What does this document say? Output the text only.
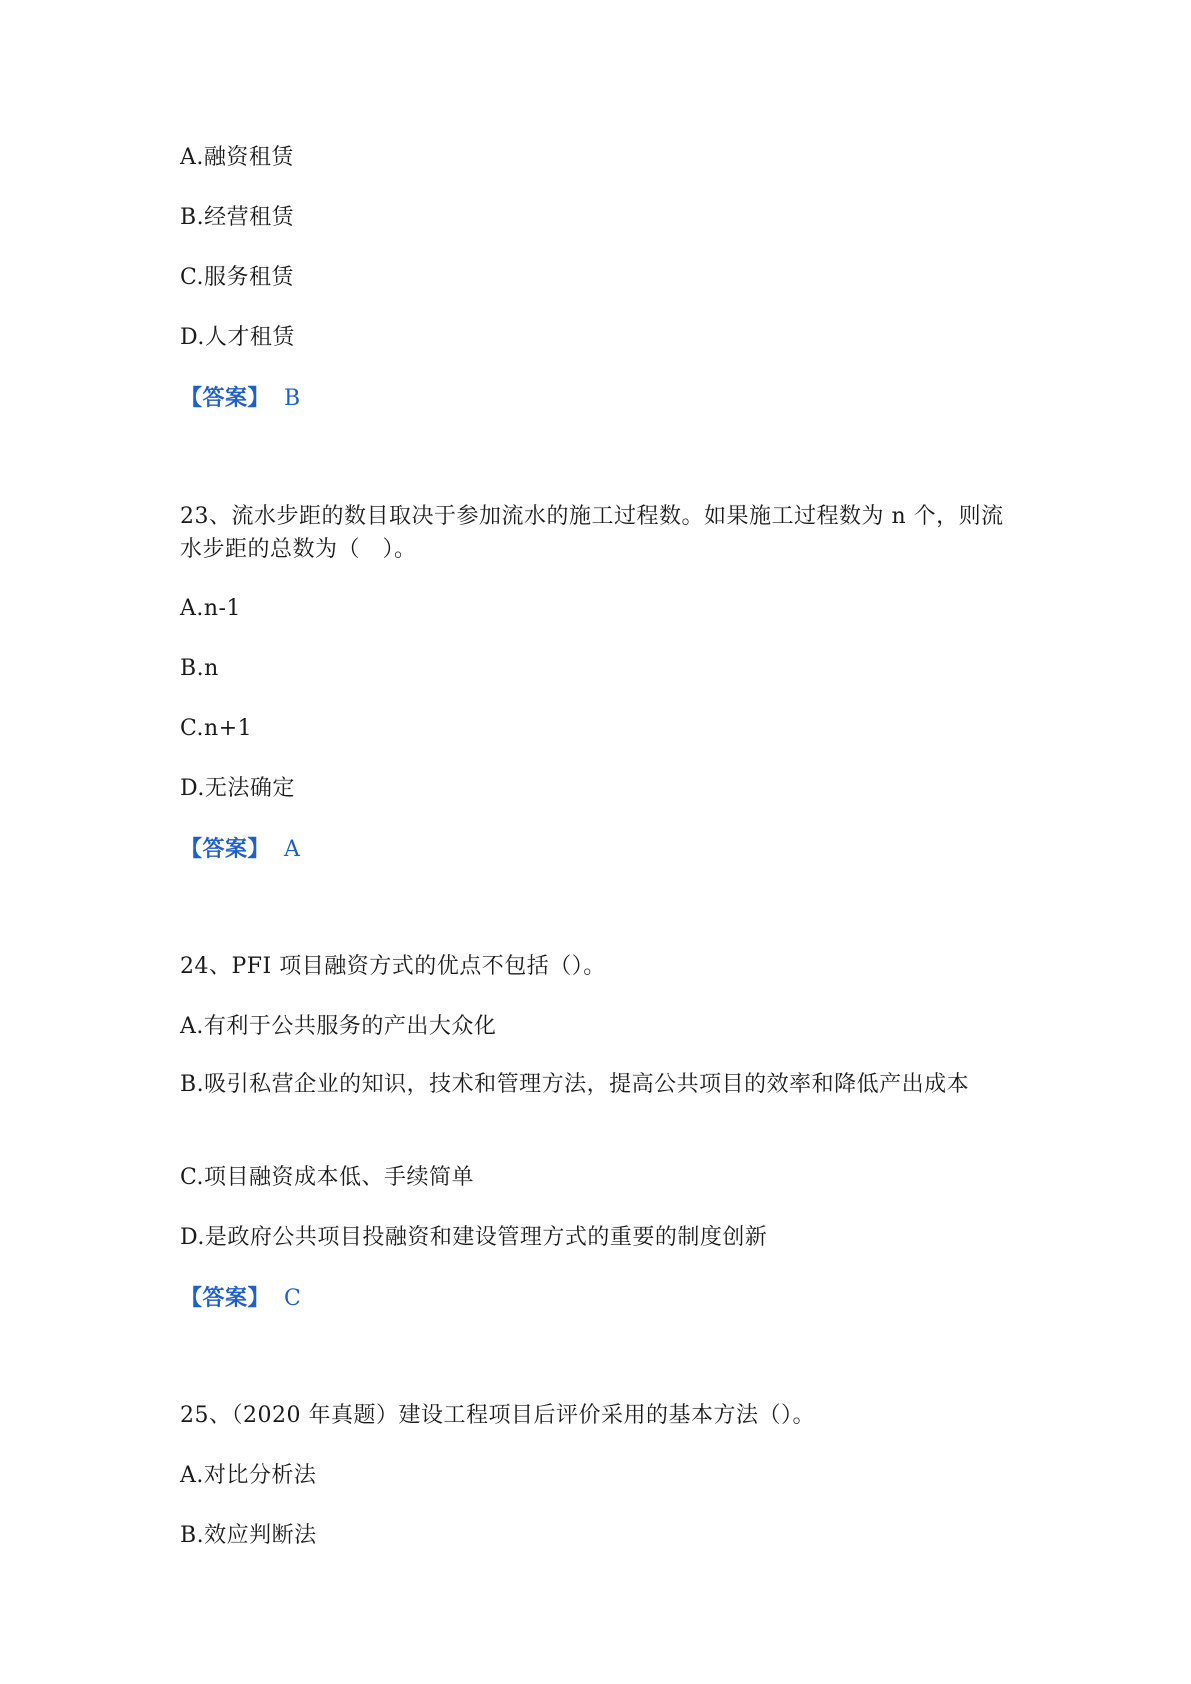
A.融资租赁
B.经营租赁
C.服务租赁
D.人才租赁
【答案】 B
23、流水步距的数目取决于参加流水的施工过程数。如果施工过程数为 n 个，则流水步距的总数为（　）。
A.n-1
B.n
C.n+1
D.无法确定
【答案】 A
24、PFI 项目融资方式的优点不包括（）。
A.有利于公共服务的产出大众化
B.吸引私营企业的知识，技术和管理方法，提高公共项目的效率和降低产出成本
C.项目融资成本低、手续简单
D.是政府公共项目投融资和建设管理方式的重要的制度创新
【答案】 C
25、（2020 年真题）建设工程项目后评价采用的基本方法（）。
A.对比分析法
B.效应判断法
